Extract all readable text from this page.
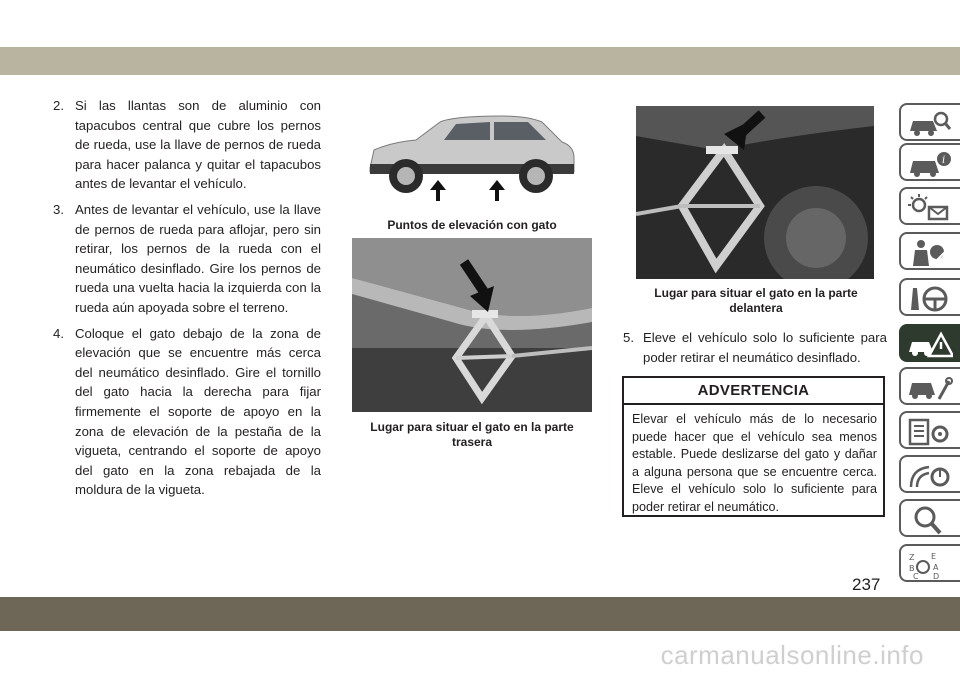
2. Si las llantas son de aluminio con tapacubos central que cubre los pernos de rueda, use la llave de pernos de rueda para hacer palanca y quitar el tapacubos antes de levantar el vehículo.
3. Antes de levantar el vehículo, use la llave de pernos de rueda para aflojar, pero sin retirar, los pernos de la rueda con el neumático desinflado. Gire los pernos de rueda una vuelta hacia la izquierda con la rueda aún apoyada sobre el terreno.
4. Coloque el gato debajo de la zona de elevación que se encuentre más cerca del neumático desinflado. Gire el tornillo del gato hacia la derecha para fijar firmemente el soporte de apoyo en la zona de elevación de la pestaña de la vigueta, centrando el soporte de apoyo del gato en la zona rebajada de la moldura de la vigueta.
Puntos de elevación con gato
Lugar para situar el gato en la parte trasera
Lugar para situar el gato en la parte delantera
5. Eleve el vehículo solo lo suficiente para poder retirar el neumático desinflado.
ADVERTENCIA
Elevar el vehículo más de lo necesario puede hacer que el vehículo sea menos estable. Puede deslizarse del gato y dañar a alguna persona que se encuentre cerca. Eleve el vehículo solo lo suficiente para poder retirar el neumático.
i
Z E
B A
C D
237
carmanualsonline.info
